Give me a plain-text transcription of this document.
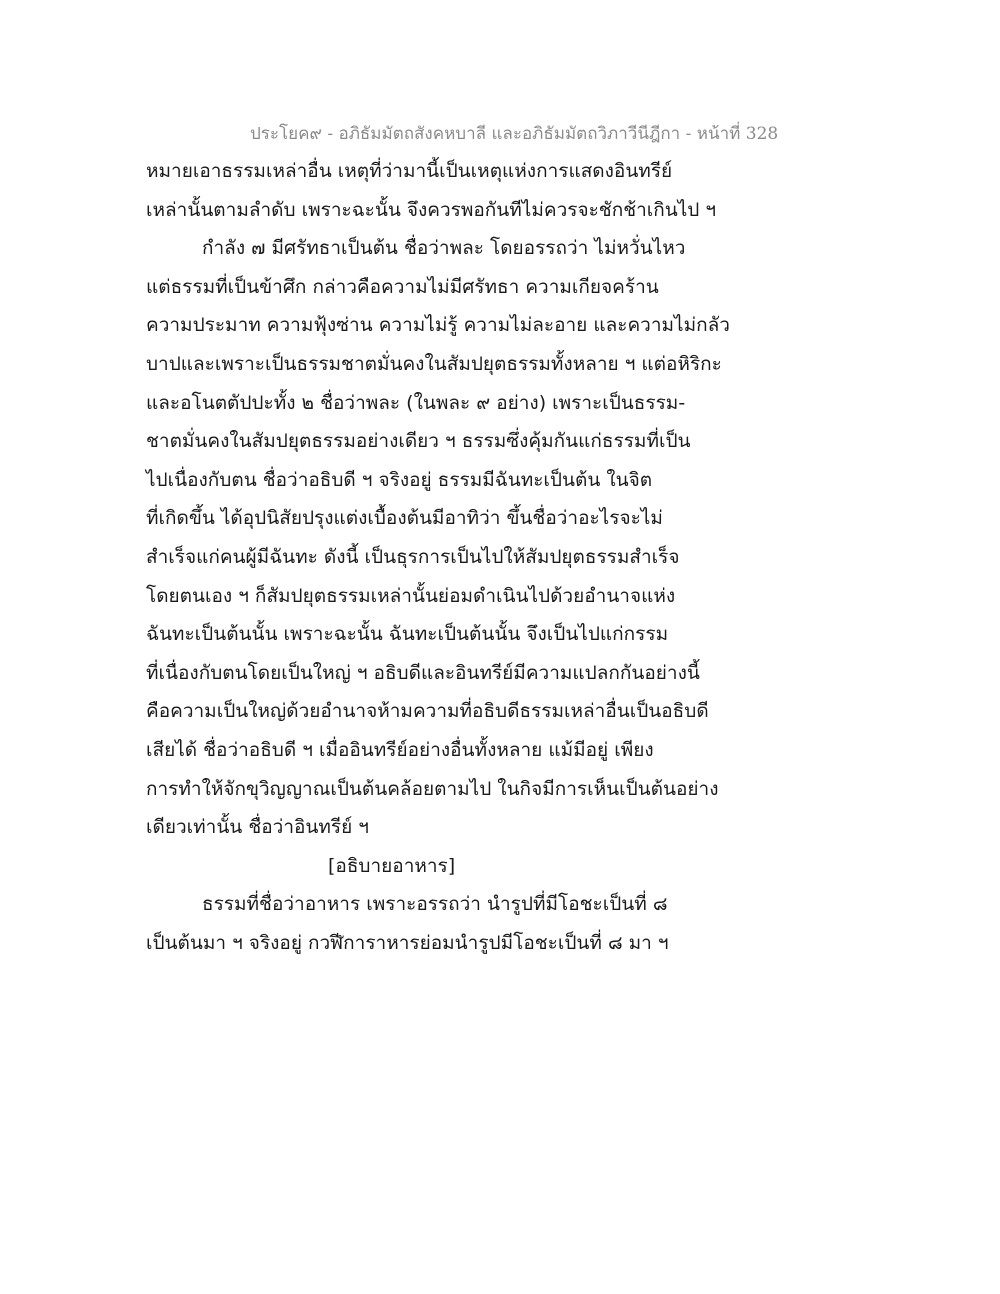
ประโยค๙ - อภิธัมมัตถสังคหบาลี และอภิธัมมัตถวิภาวีนีฎีกา - หน้าที่ 328
หมายเอาธรรมเหล่าอื่น เหตุที่ว่ามานี้เป็นเหตุแห่งการแสดงอินทรีย์
เหล่านั้นตามลำดับ เพราะฉะนั้น จึงควรพอกันทีไม่ควรจะชักช้าเกินไป ฯ
กำลัง ๗ มีศรัทธาเป็นต้น ชื่อว่าพละ โดยอรรถว่า ไม่หวั่นไหว
แต่ธรรมที่เป็นข้าศึก กล่าวคือความไม่มีศรัทธา ความเกียจคร้าน
ความประมาท ความฟุ้งซ่าน ความไม่รู้ ความไม่ละอาย และความไม่กลัว
บาปและเพราะเป็นธรรมชาตมั่นคงในสัมปยุตธรรมทั้งหลาย ฯ แต่อหิริกะ
และอโนตตัปปะทั้ง ๒ ชื่อว่าพละ (ในพละ ๙ อย่าง) เพราะเป็นธรรม-
ชาตมั่นคงในสัมปยุตธรรมอย่างเดียว ฯ ธรรมซึ่งคุ้มกันแก่ธรรมที่เป็น
ไปเนื่องกับตน ชื่อว่าอธิบดี ฯ จริงอยู่ ธรรมมีฉันทะเป็นต้น ในจิต
ที่เกิดขึ้น ได้อุปนิสัยปรุงแต่งเบื้องต้นมีอาทิว่า ขึ้นชื่อว่าอะไรจะไม่
สำเร็จแก่คนผู้มีฉันทะ ดังนี้ เป็นธุรการเป็นไปให้สัมปยุตธรรมสำเร็จ
โดยตนเอง ฯ ก็สัมปยุตธรรมเหล่านั้นย่อมดำเนินไปด้วยอำนาจแห่ง
ฉันทะเป็นต้นนั้น เพราะฉะนั้น ฉันทะเป็นต้นนั้น จึงเป็นไปแก่กรรม
ที่เนื่องกับตนโดยเป็นใหญ่ ฯ อธิบดีและอินทรีย์มีความแปลกกันอย่างนี้
คือความเป็นใหญ่ด้วยอำนาจห้ามความที่อธิบดีธรรมเหล่าอื่นเป็นอธิบดี
เสียได้ ชื่อว่าอธิบดี ฯ เมื่ออินทรีย์อย่างอื่นทั้งหลาย แม้มีอยู่ เพียง
การทำให้จักขุวิญญาณเป็นต้นคล้อยตามไป ในกิจมีการเห็นเป็นต้นอย่าง
เดียวเท่านั้น ชื่อว่าอินทรีย์ ฯ
[อธิบายอาหาร]
ธรรมที่ชื่อว่าอาหาร เพราะอรรถว่า นำรูปที่มีโอชะเป็นที่ ๘
เป็นต้นมา ฯ จริงอยู่ กวฬีการาหารย่อมนำรูปมีโอชะเป็นที่ ๘ มา ฯ
